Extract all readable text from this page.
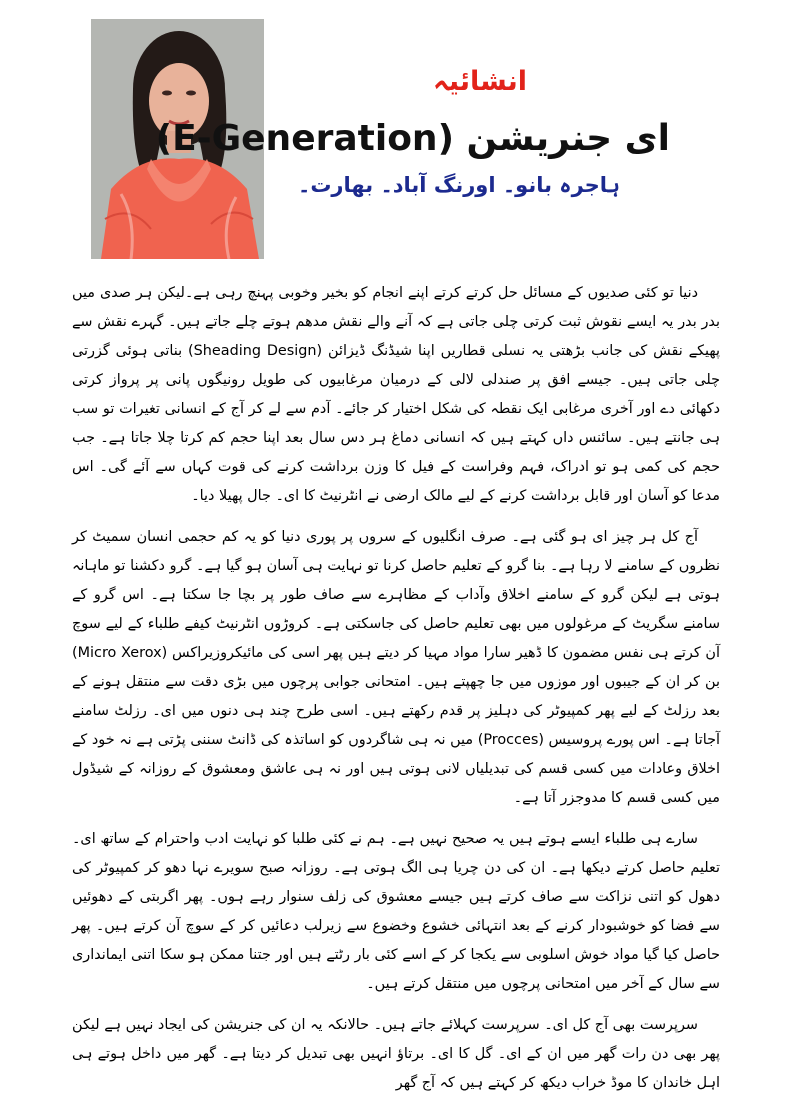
انشائیہ
ای جنریشن (E-Generation)
ہاجرہ بانو۔ اورنگ آباد۔ بھارت۔

دنیا تو کئی صدیوں کے مسائل حل کرتے کرتے اپنے انجام کو بخیر وخوبی پہنچ رہی ہے۔لیکن ہر صدی میں بدر بدر یہ ایسے نقوش ثبت کرتی چلی جاتی ہے کہ آنے والے نقش مدھم ہوتے چلے جاتے ہیں۔ گہرے نقش سے پھیکے نقش کی جانب بڑھتی یہ نسلی قطاریں اپنا شیڈنگ ڈیزائن (Sheading Design) بناتی ہوئی گزرتی چلی جاتی ہیں۔ جیسے افق پر صندلی لالی کے درمیان مرغابیوں کی طویل رونیگوں پانی پر پرواز کرتی دکھائی دے اور آخری مرغابی ایک نقطہ کی شکل اختیار کر جائے۔ آدم سے لے کر آج کے انسانی تغیرات تو سب ہی جانتے ہیں۔ سائنس داں کہتے ہیں کہ انسانی دماغ ہر دس سال بعد اپنا حجم کم کرتا چلا جاتا ہے۔ جب حجم کی کمی ہو تو ادراک، فہم وفراست کے فیل کا وزن برداشت کرنے کی قوت کہاں سے آئے گی۔ اس مدعا کو آسان اور قابل برداشت کرنے کے لیے مالک ارضی نے انٹرنیٹ کا ای۔ جال پھیلا دیا۔

آج کل ہر چیز ای ہو گئی ہے۔ صرف انگلیوں کے سروں پر پوری دنیا کو یہ کم حجمی انسان سمیٹ کر نظروں کے سامنے لا رہا ہے۔ بنا گرو کے تعلیم حاصل کرنا تو نہایت ہی آسان ہو گیا ہے۔ گرو دکشنا تو ماہانہ ہوتی ہے لیکن گرو کے سامنے اخلاق وآداب کے مظاہرے سے صاف طور پر بچا جا سکتا ہے۔ اس گرو کے سامنے سگریٹ کے مرغولوں میں بھی تعلیم حاصل کی جاسکتی ہے۔ کروڑوں انٹرنیٹ کیفے طلباء کے لیے سوچ آن کرتے ہی نفس مضمون کا ڈھیر سارا مواد مہیا کر دیتے ہیں پھر اسی کی مائیکروزیراکس (Micro Xerox) بن کر ان کے جیبوں اور موزوں میں جا چھپتے ہیں۔ امتحانی جوابی پرچوں میں بڑی دقت سے منتقل ہونے کے بعد رزلٹ کے لیے پھر کمپیوٹر کی دہلیز پر قدم رکھتے ہیں۔ اسی طرح چند ہی دنوں میں ای۔ رزلٹ سامنے آجاتا ہے۔ اس پورے پروسیس (Procces) میں نہ ہی شاگردوں کو اساتذہ کی ڈانٹ سننی پڑتی ہے نہ خود کے اخلاق وعادات میں کسی قسم کی تبدیلیاں لانی ہوتی ہیں اور نہ ہی عاشق ومعشوق کے روزانہ کے شیڈول میں کسی قسم کا مدوجزر آتا ہے۔

سارے ہی طلباء ایسے ہوتے ہیں یہ صحیح نہیں ہے۔ ہم نے کئی طلبا کو نہایت ادب واحترام کے ساتھ ای۔ تعلیم حاصل کرتے دیکھا ہے۔ ان کی دن چریا ہی الگ ہوتی ہے۔ روزانہ صبح سویرے نہا دھو کر کمپیوٹر کی دھول کو اتنی نزاکت سے صاف کرتے ہیں جیسے معشوق کی زلف سنوار رہے ہوں۔ پھر اگربتی کے دھوئیں سے فضا کو خوشبودار کرنے کے بعد انتہائی خشوع وخضوع سے زیرلب دعائیں کر کے سوچ آن کرتے ہیں۔ پھر حاصل کیا گیا مواد خوش اسلوبی سے یکجا کر کے اسے کئی بار رٹتے ہیں اور جتنا ممکن ہو سکا اتنی ایمانداری سے سال کے آخر میں امتحانی پرچوں میں منتقل کرتے ہیں۔

سرپرست بھی آج کل ای۔ سرپرست کہلائے جاتے ہیں۔ حالانکہ یہ ان کی جنریشن کی ایجاد نہیں ہے لیکن پھر بھی دن رات گھر میں ان کے ای۔ گل کا ای۔ برتاؤ انہیں بھی تبدیل کر دیتا ہے۔ گھر میں داخل ہوتے ہی اہل خاندان کا موڈ خراب دیکھ کر کہتے ہیں کہ آج گھر
